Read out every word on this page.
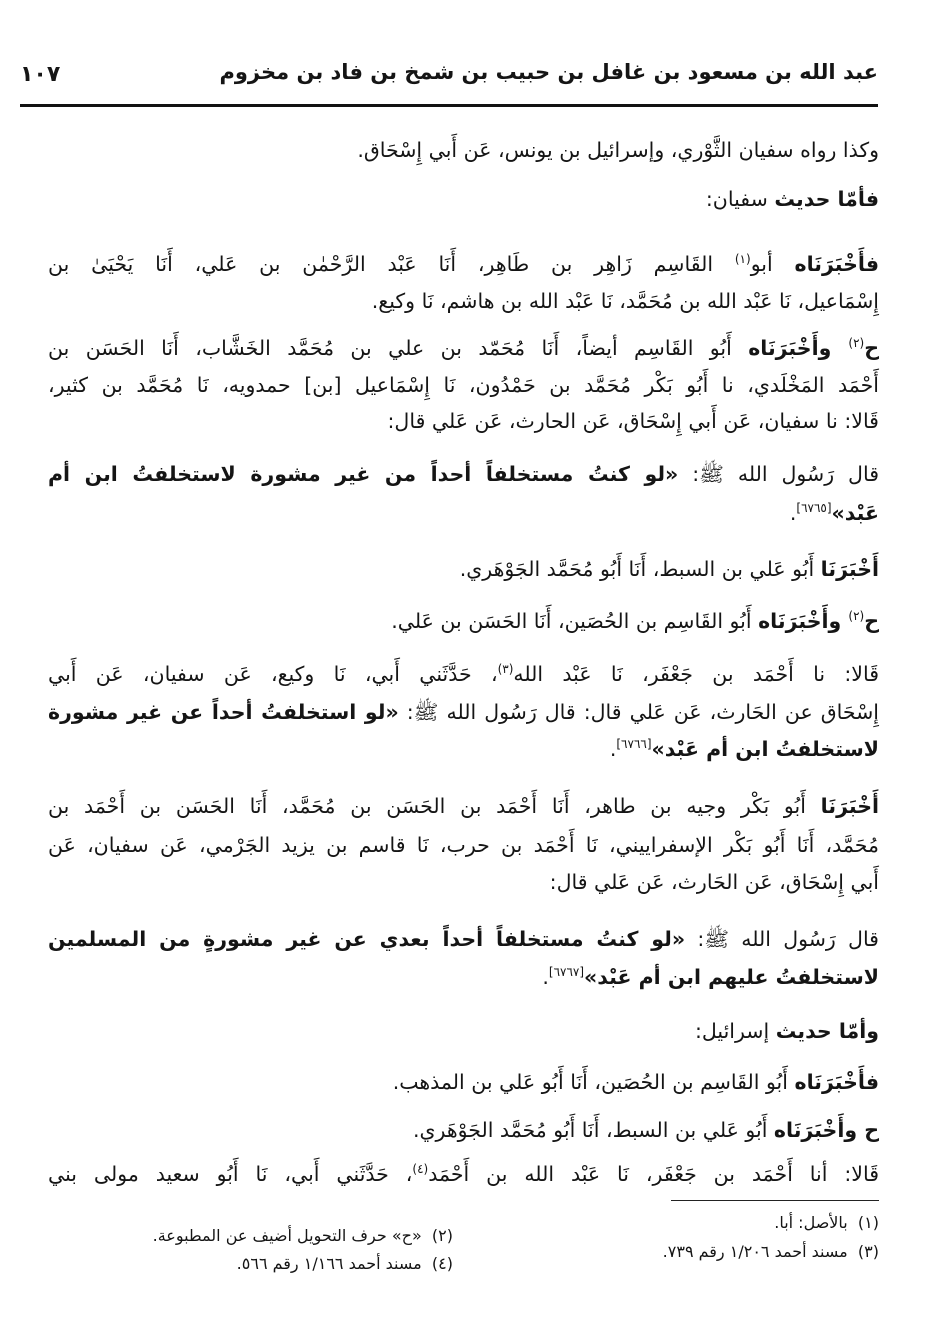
عبد الله بن مسعود بن غافل بن حبيب بن شمخ بن فاد بن مخزوم
١٠٧
وكذا رواه سفيان الثَّوْري، وإسرائيل بن يونس، عَن أَبي إِسْحَاق.
فأمّا حديث سفيان:
فأَخْبَرَنَاه أبو$^{(١)}$ القَاسِم زَاهِر بن طَاهِر، أَنَا عَبْد الرَّحْمٰن بن عَلي، أَنَا يَحْيَىٰ بن
إِسْمَاعيل، نَا عَبْد الله بن مُحَمَّد، نَا عَبْد الله بن هاشم، نَا وكيع.
ح$^{(٢)}$ وأَخْبَرَنَاه أَبُو القَاسِم أيضاً، أَنَا مُحَمّد بن علي بن مُحَمَّد الخَشَّاب، أَنَا الحَسَن بن
أَحْمَد المَخْلَدي، نا أَبُو بَكْر مُحَمَّد بن حَمْدُون، نَا إِسْمَاعيل [بن] حمدويه، نَا مُحَمَّد بن كثير،
قَالا: نا سفيان، عَن أَبي إِسْحَاق، عَن الحارث، عَن عَلي قال:
قال رَسُول الله ﷺ: «لو كنتُ مستخلفاً أحداً من غير مشورة لاستخلفتُ ابن أم
عَبْد»[٦٧٦٥].
أَخْبَرَنَا أَبُو عَلي بن السبط، أَنَا أَبُو مُحَمَّد الجَوْهَري.
ح$^{(٢)}$ وأَخْبَرَنَاه أَبُو القَاسِم بن الحُصَين، أَنَا الحَسَن بن عَلي.
قَالا: نا أَحْمَد بن جَعْفَر، نَا عَبْد الله$^{(٣)}$، حَدَّثَني أَبي، نَا وكيع، عَن سفيان، عَن أَبي
إِسْحَاق عن الحَارث، عَن عَلي قال: قال رَسُول الله ﷺ: «لو استخلفتُ أحداً عن غير مشورة
لاستخلفتُ ابن أم عَبْد»[٦٧٦٦].
أَخْبَرَنَا أَبُو بَكْر وجيه بن طاهر، أَنَا أَحْمَد بن الحَسَن بن مُحَمَّد، أَنَا الحَسَن بن أَحْمَد بن
مُحَمَّد، أَنَا أَبُو بَكْر الإسفراييني، نَا أَحْمَد بن حرب، نَا قاسم بن يزيد الجَرْمي، عَن سفيان، عَن
أَبي إِسْحَاق، عَن الحَارث، عَن عَلي قال:
قال رَسُول الله ﷺ: «لو كنتُ مستخلفاً أحداً بعدي عن غير مشورةٍ من المسلمين
لاستخلفتُ عليهم ابن أم عَبْد»[٦٧٦٧].
وأمّا حديث إسرائيل:
فأَخْبَرَنَاه أَبُو القَاسِم بن الحُصَين، أَنَا أَبُو عَلي بن المذهب.
ح وأَخْبَرَنَاه أَبُو عَلي بن السبط، أَنَا أَبُو مُحَمَّد الجَوْهَري.
قَالا: أنا أَحْمَد بن جَعْفَر، نَا عَبْد الله بن أَحْمَد$^{(٤)}$، حَدَّثَني أَبي، نَا أَبُو سعيد مولى بني
(١)  بالأصل: أبا.
(٢)  «ح» حرف التحويل أضيف عن المطبوعة.
(٣)  مسند أحمد ١/٢٠٦ رقم ٧٣٩.
(٤)  مسند أحمد ١/١٦٦ رقم ٥٦٦.
